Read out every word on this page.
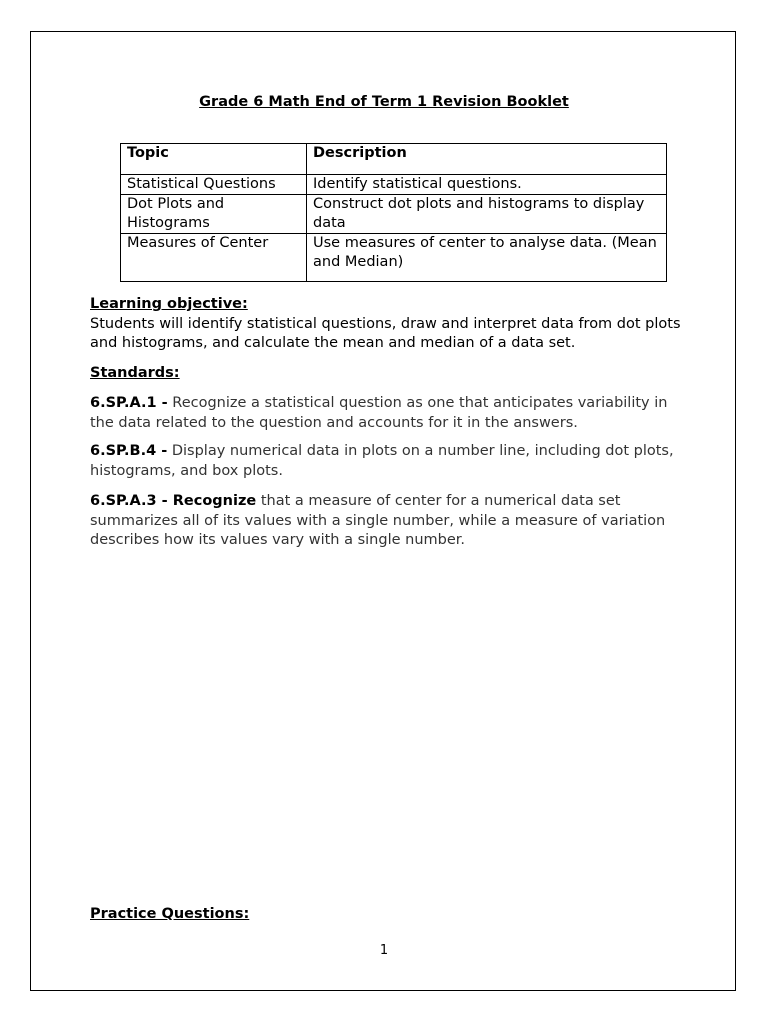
Grade 6 Math End of Term 1 Revision Booklet
Topic	Description
Statistical Questions	Identify statistical questions.
Dot Plots and Histograms	Construct dot plots and histograms to display data
Measures of Center	Use measures of center to analyse data. (Mean and Median)
Learning objective:
Students will identify statistical questions, draw and interpret data from dot plots and histograms, and calculate the mean and median of a data set.
Standards:
6.SP.A.1 - Recognize a statistical question as one that anticipates variability in the data related to the question and accounts for it in the answers.
6.SP.B.4 - Display numerical data in plots on a number line, including dot plots, histograms, and box plots.
6.SP.A.3 - Recognize that a measure of center for a numerical data set summarizes all of its values with a single number, while a measure of variation describes how its values vary with a single number.
Practice Questions:
1
